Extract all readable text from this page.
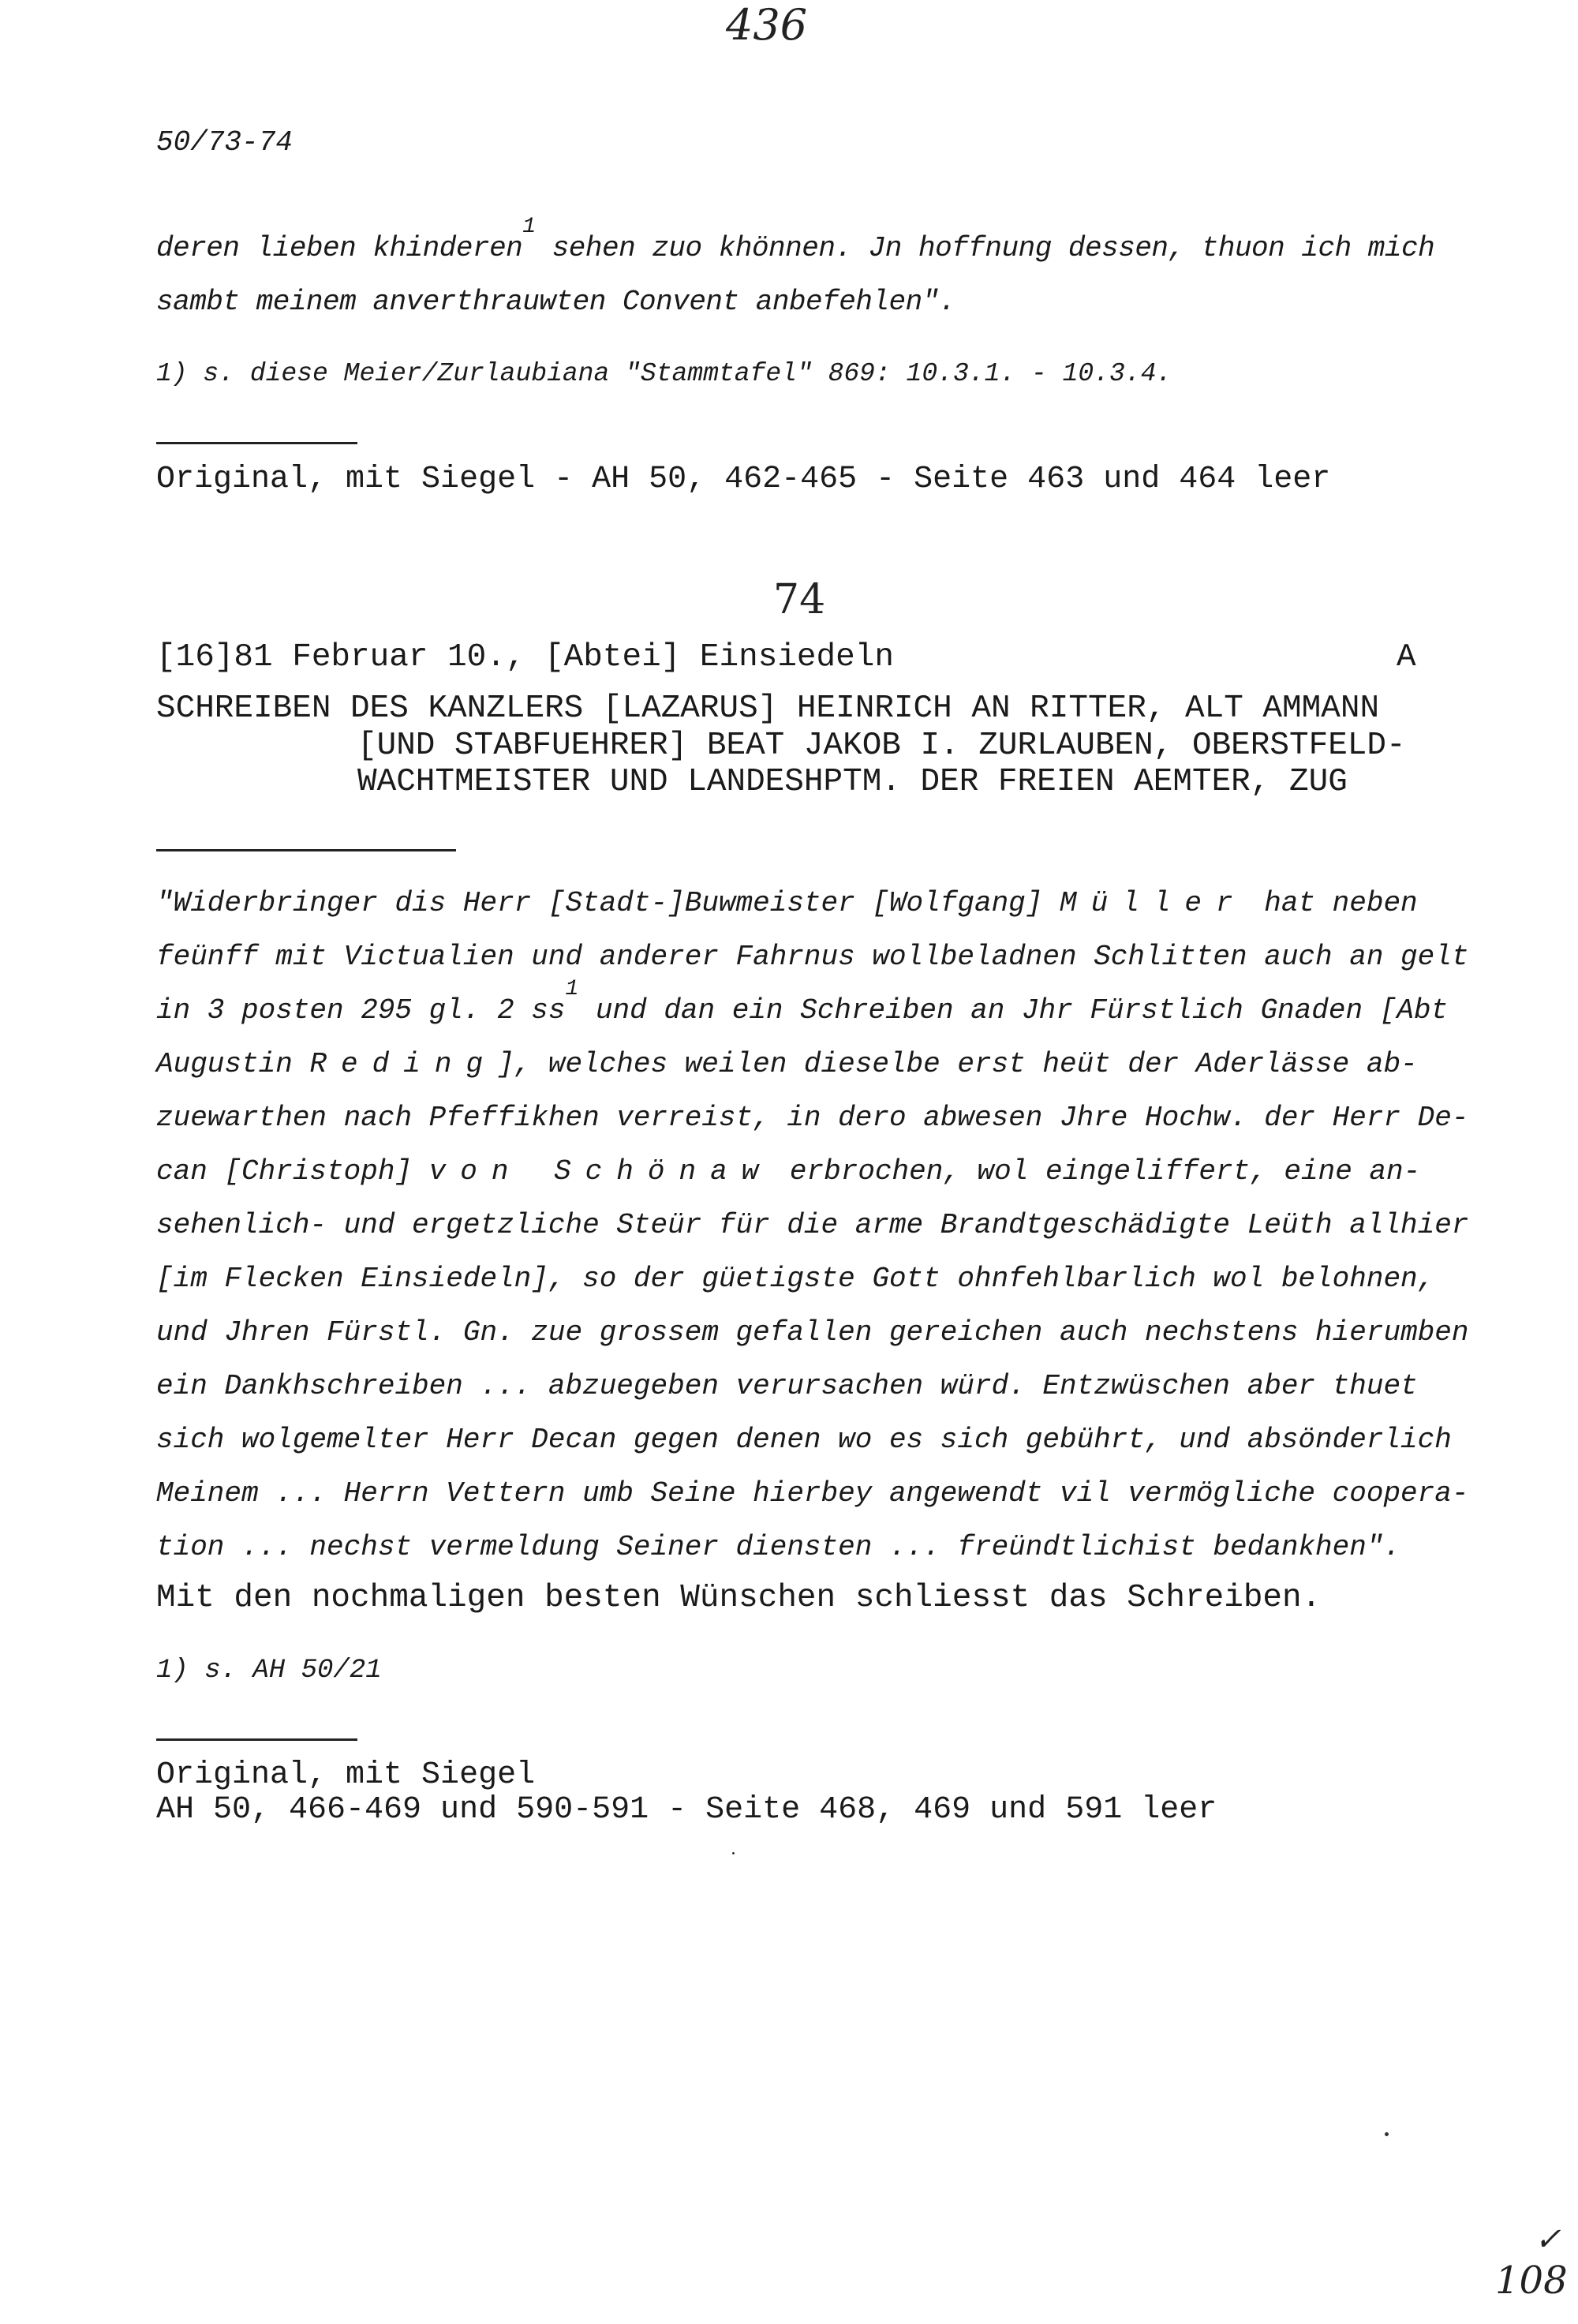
436
50/73-74
deren lieben khinderen$^1$ sehen zuo khönnen. Jn hoffnung dessen, thuon ich mich
sambt meinem anverthrauwten Convent anbefehlen".
1) s. diese Meier/Zurlaubiana "Stammtafel" 869: 10.3.1. - 10.3.4.
Original, mit Siegel - AH 50, 462-465 - Seite 463 und 464 leer
74
[16]81 Februar 10., [Abtei] Einsiedeln	A
SCHREIBEN DES KANZLERS [LAZARUS] HEINRICH AN RITTER, ALT AMMANN
[UND STABFUEHRER] BEAT JAKOB I. ZURLAUBEN, OBERSTFELD-
WACHTMEISTER UND LANDESHPTM. DER FREIEN AEMTER, ZUG
"Widerbringer dis Herr [Stadt-]Buwmeister [Wolfgang] Müller hat neben
feünff mit Victualien und anderer Fahrnus wollbeladnen Schlitten auch an gelt
in 3 posten 295 gl. 2 $ss^1$ und dan ein Schreiben an Jhr Fürstlich Gnaden [Abt
Augustin Reding], welches weilen dieselbe erst heüt der Aderlässe ab-
zuewarthen nach Pfeffikhen verreist, in dero abwesen Jhre Hochw. der Herr De-
can [Christoph] von Schönaw erbrochen, wol eingeliffert, eine an-
sehenlich- und ergetzliche Steür für die arme Brandtgeschädigte Leüth allhier
[im Flecken Einsiedeln], so der güetigste Gott ohnfehlbarlich wol belohnen,
und Jhren Fürstl. Gn. zue grossem gefallen gereichen auch nechstens hierumben
ein Dankhschreiben ... abzuegeben verursachen würd. Entzwüschen aber thuet
sich wolgemelter Herr Decan gegen denen wo es sich gebührt, und absönderlich
Meinem ... Herrn Vettern umb Seine hierbey angewendt vil vermögliche coopera-
tion ... nechst vermeldung Seiner diensten ... freündtlichist bedankhen".
Mit den nochmaligen besten Wünschen schliesst das Schreiben.
1) s. AH 50/21
Original, mit Siegel
AH 50, 466-469 und 590-591 - Seite 468, 469 und 591 leer
108
✓
